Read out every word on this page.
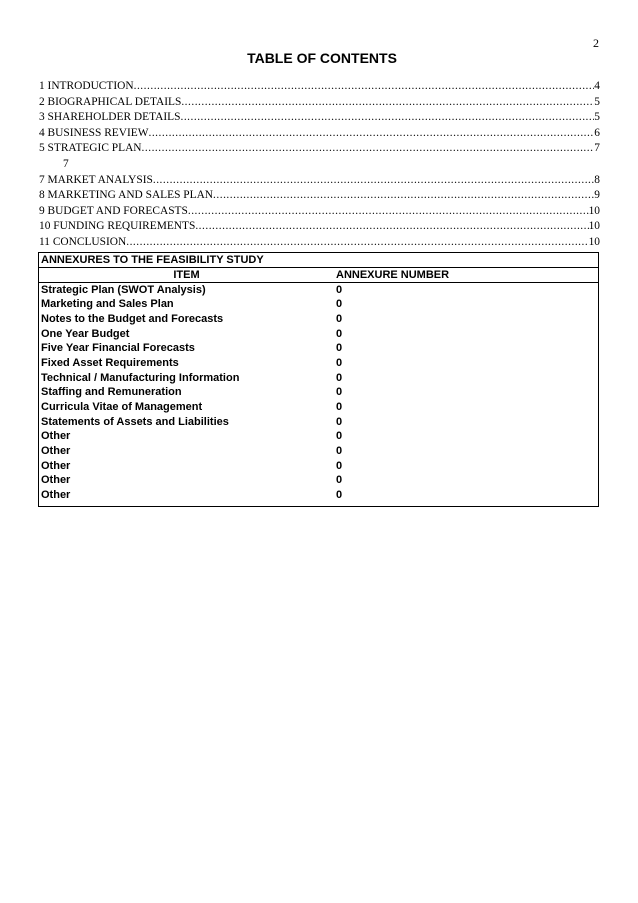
2
TABLE OF CONTENTS
1 INTRODUCTION .....	4
2 BIOGRAPHICAL DETAILS .....	5
3 SHAREHOLDER DETAILS .....	5
4 BUSINESS REVIEW .....	6
5 STRATEGIC PLAN .....	7
7
7 MARKET ANALYSIS .....	8
8 MARKETING AND SALES PLAN .....	9
9 BUDGET AND FORECASTS .....	10
10 FUNDING REQUIREMENTS .....	10
11 CONCLUSION .....	10
ANNEXURES TO THE FEASIBILITY STUDY
ITEM	ANNEXURE NUMBER
Strategic Plan (SWOT Analysis)	0
Marketing and Sales Plan	0
Notes to the Budget and Forecasts	0
One Year Budget	0
Five Year Financial Forecasts	0
Fixed Asset Requirements	0
Technical / Manufacturing Information	0
Staffing and Remuneration	0
Curricula Vitae of Management	0
Statements of Assets and Liabilities	0
Other	0
Other	0
Other	0
Other	0
Other	0
